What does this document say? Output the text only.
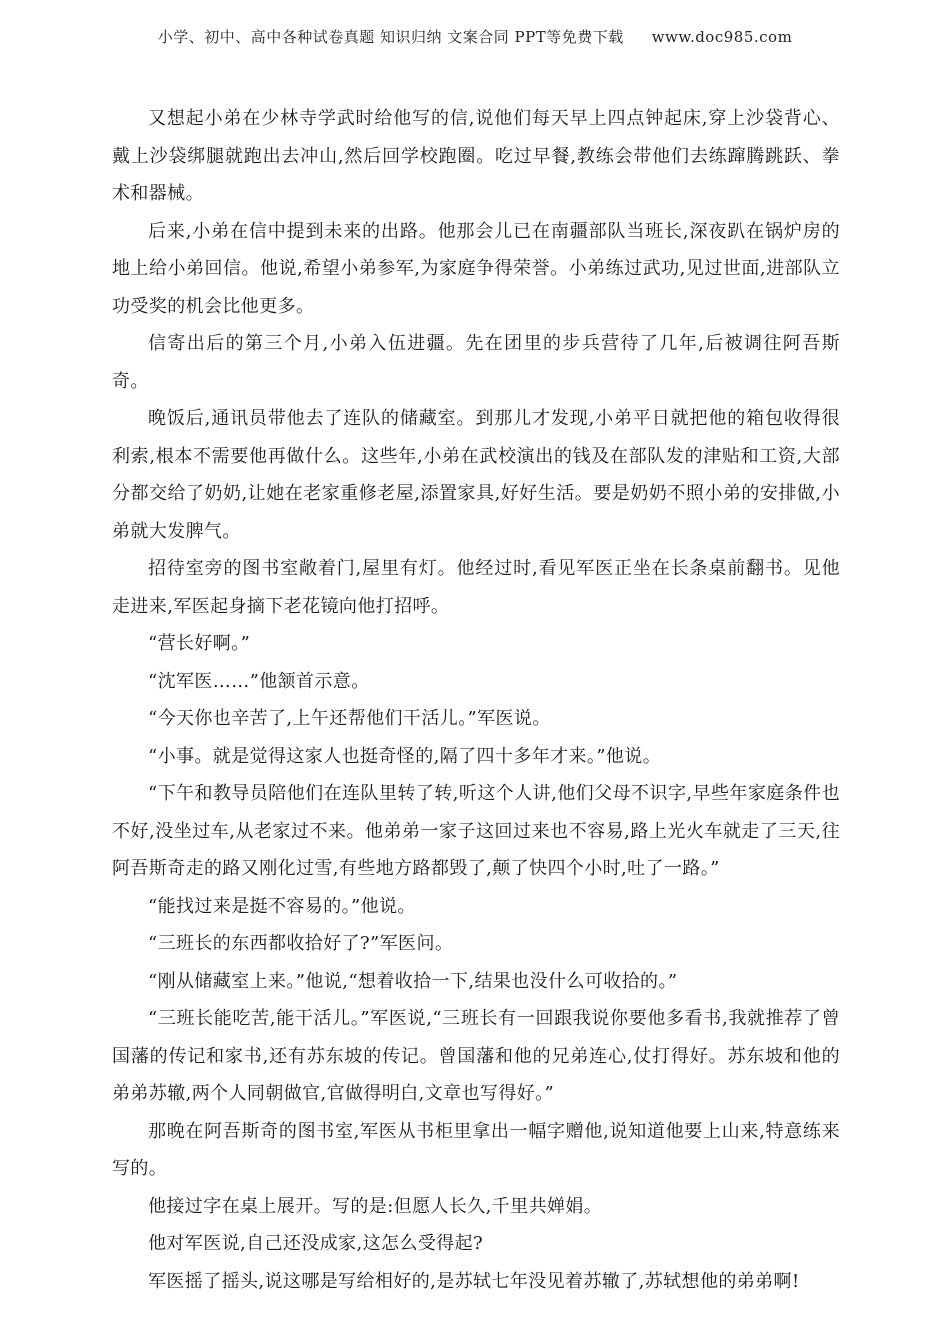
小学、初中、高中各种试卷真题 知识归纳 文案合同 PPT等免费下载 www.doc985.com

又想起小弟在少林寺学武时给他写的信,说他们每天早上四点钟起床,穿上沙袋背心、戴上沙袋绑腿就跑出去冲山,然后回学校跑圈。吃过早餐,教练会带他们去练蹿腾跳跃、拳术和器械。

后来,小弟在信中提到未来的出路。他那会儿已在南疆部队当班长,深夜趴在锅炉房的地上给小弟回信。他说,希望小弟参军,为家庭争得荣誉。小弟练过武功,见过世面,进部队立功受奖的机会比他更多。

信寄出后的第三个月,小弟入伍进疆。先在团里的步兵营待了几年,后被调往阿吾斯奇。

晚饭后,通讯员带他去了连队的储藏室。到那儿才发现,小弟平日就把他的箱包收得很利索,根本不需要他再做什么。这些年,小弟在武校演出的钱及在部队发的津贴和工资,大部分都交给了奶奶,让她在老家重修老屋,添置家具,好好生活。要是奶奶不照小弟的安排做,小弟就大发脾气。

招待室旁的图书室敞着门,屋里有灯。他经过时,看见军医正坐在长条桌前翻书。见他走进来,军医起身摘下老花镜向他打招呼。

“营长好啊。”

“沈军医……”他颔首示意。

“今天你也辛苦了,上午还帮他们干活儿。”军医说。

“小事。就是觉得这家人也挺奇怪的,隔了四十多年才来。”他说。

“下午和教导员陪他们在连队里转了转,听这个人讲,他们父母不识字,早些年家庭条件也不好,没坐过车,从老家过不来。他弟弟一家子这回过来也不容易,路上光火车就走了三天,往阿吾斯奇走的路又刚化过雪,有些地方路都毁了,颠了快四个小时,吐了一路。”

“能找过来是挺不容易的。”他说。

“三班长的东西都收拾好了?”军医问。

“刚从储藏室上来。”他说,“想着收拾一下,结果也没什么可收拾的。”

“三班长能吃苦,能干活儿。”军医说,“三班长有一回跟我说你要他多看书,我就推荐了曾国藩的传记和家书,还有苏东坡的传记。曾国藩和他的兄弟连心,仗打得好。苏东坡和他的弟弟苏辙,两个人同朝做官,官做得明白,文章也写得好。”

那晚在阿吾斯奇的图书室,军医从书柜里拿出一幅字赠他,说知道他要上山来,特意练来写的。

他接过字在桌上展开。写的是:但愿人长久,千里共婵娟。

他对军医说,自己还没成家,这怎么受得起?

军医摇了摇头,说这哪是写给相好的,是苏轼七年没见着苏辙了,苏轼想他的弟弟啊!
